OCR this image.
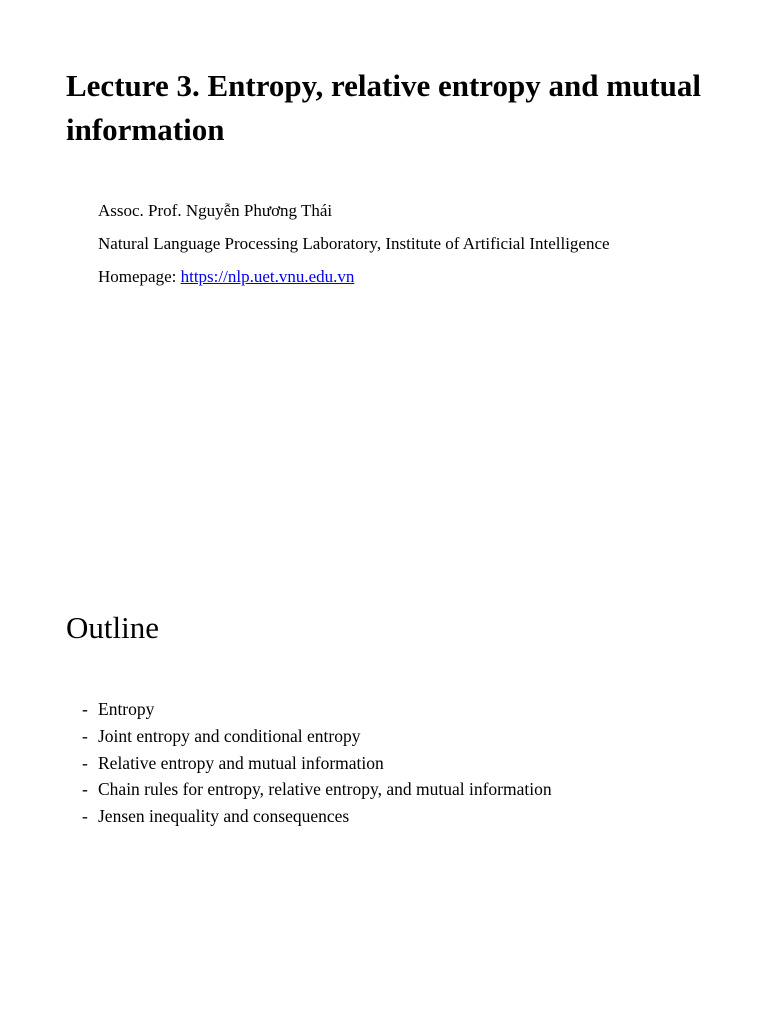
Lecture 3. Entropy, relative entropy and mutual information
Assoc. Prof. Nguyễn Phương Thái
Natural Language Processing Laboratory, Institute of Artificial Intelligence
Homepage: https://nlp.uet.vnu.edu.vn
Outline
- Entropy
- Joint entropy and conditional entropy
- Relative entropy and mutual information
- Chain rules for entropy, relative entropy, and mutual information
- Jensen inequality and consequences
